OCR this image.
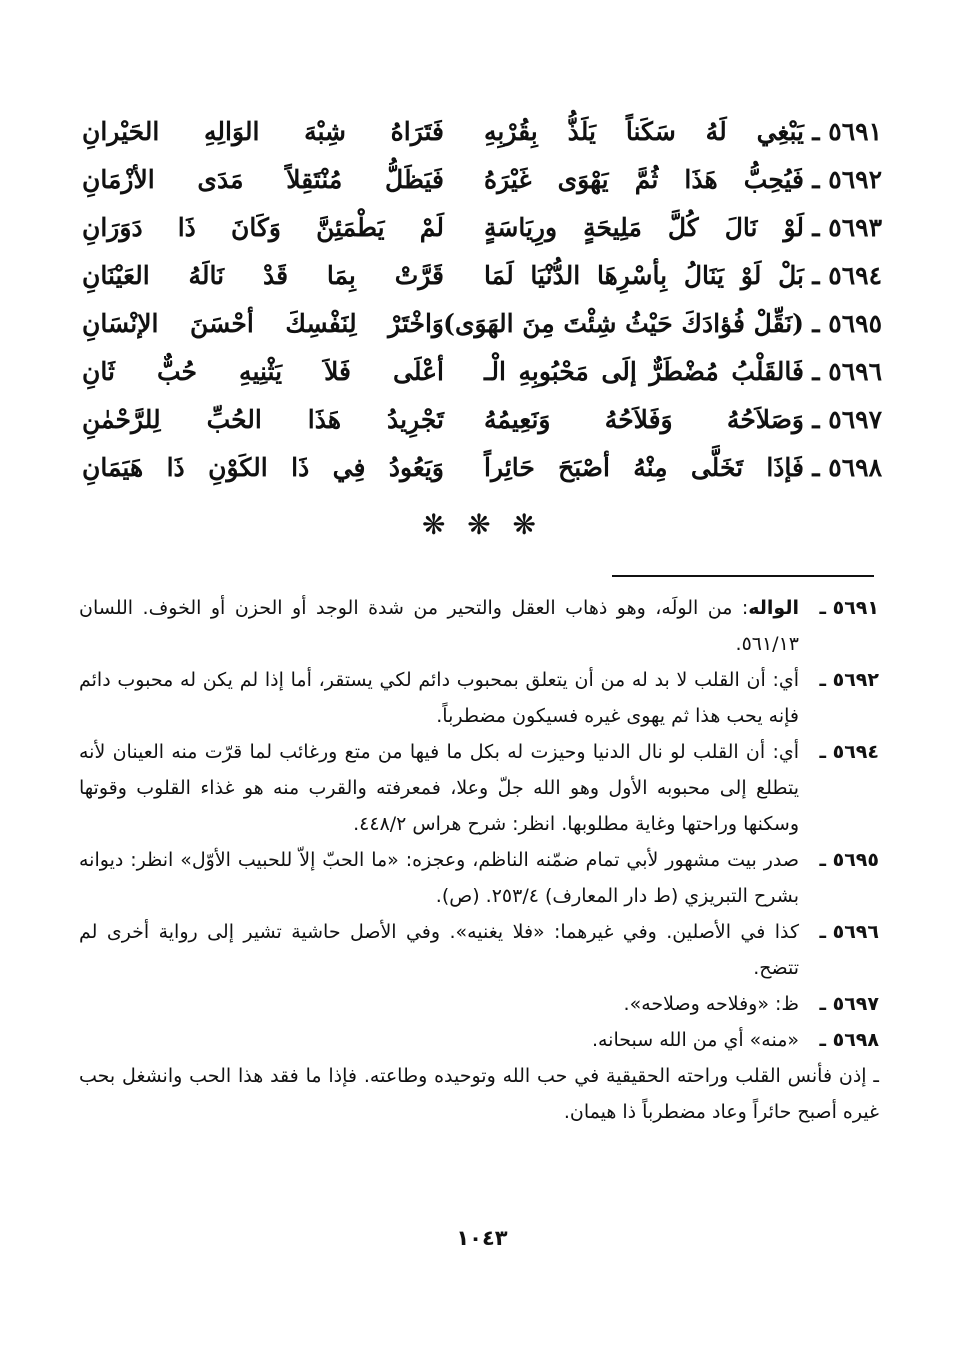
٥٦٩١ ـ
يَبْغِي لَهُ سَكَناً يَلَذُّ بِقُرْبِهِ
فَتَرَاهُ شِبْهَ الوَالِهِ الحَيْرانِ
٥٦٩٢ ـ
فَيُحِبُّ هَذَا ثُمَّ يَهْوَى غَيْرَهُ
فَيَظَلُّ مُنْتَقِلاً مَدَى الأزْمَانِ
٥٦٩٣ ـ
لَوْ نَالَ كُلَّ مَلِيحَةٍ ورِيَاسَةٍ
لَمْ يَطْمَئِنَّ وَكَانَ ذَا دَوَرَانِ
٥٦٩٤ ـ
بَلْ لَوْ يَنَالُ بِأسْرِهَا الدُّنْيَا لَمَا
قَرَّتْ بِمَا قَدْ نَالَهُ العَيْنَانِ
٥٦٩٥ ـ
(نَقِّلْ فُؤادَكَ حَيْثُ شِئْتَ مِنَ الهَوَى)
وَاخْتَرْ لِنَفْسِكَ أحْسَنَ الإنْسَانِ
٥٦٩٦ ـ
فَالقَلْبُ مُضْطَرٌّ إلَى مَحْبُوبِهِ الْـ
أعْلَى فَلاَ يَثْنِيهِ حُبٌّ ثَانِ
٥٦٩٧ ـ
وَصَلاَحُهُ وَفَلاَحُهُ وَنَعِيمُهُ
تَجْرِيدُ هَذَا الحُبِّ لِلرَّحْمٰنِ
٥٦٩٨ ـ
فَإذَا تَخَلَّى مِنْهُ أصْبَحَ حَائِراً
وَيَعُودُ فِي ذَا الكَوْنِ ذَا هَيَمَانِ
❋ ❋ ❋
٥٦٩١ ـ
الواله: من الولَه، وهو ذهاب العقل والتحير من شدة الوجد أو الحزن أو الخوف. اللسان ٥٦١/١٣.
٥٦٩٢ ـ
أي: أن القلب لا بد له من أن يتعلق بمحبوب دائم لكي يستقر، أما إذا لم يكن له محبوب دائم فإنه يحب هذا ثم يهوى غيره فسيكون مضطرباً.
٥٦٩٤ ـ
أي: أن القلب لو نال الدنيا وحيزت له بكل ما فيها من متع ورغائب لما قرّت منه العينان لأنه يتطلع إلى محبوبه الأول وهو الله جلّ وعلا، فمعرفته والقرب منه هو غذاء القلوب وقوتها وسكنها وراحتها وغاية مطلوبها. انظر: شرح هراس ٤٤٨/٢.
٥٦٩٥ ـ
صدر بيت مشهور لأبي تمام ضمّنه الناظم، وعجزه: «ما الحبّ إلاّ للحبيب الأوّل» انظر: ديوانه بشرح التبريزي (ط دار المعارف) ٢٥٣/٤. (ص).
٥٦٩٦ ـ
كذا في الأصلين. وفي غيرهما: «فلا يغنيه». وفي الأصل حاشية تشير إلى رواية أخرى لم تتضح.
٥٦٩٧ ـ
ظ: «وفلاحه وصلاحه».
٥٦٩٨ ـ
«منه» أي من الله سبحانه.
ـ إذن فأنس القلب وراحته الحقيقية في حب الله وتوحيده وطاعته. فإذا ما فقد هذا الحب وانشغل بحب غيره أصبح حائراً وعاد مضطرباً ذا هيمان.
١٠٤٣
